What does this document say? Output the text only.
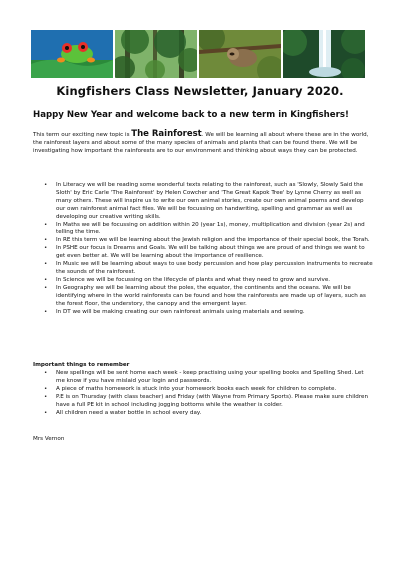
Kingfishers Class Newsletter, January 2020.
Happy New Year and welcome back to a new term in Kingfishers!
This term our exciting new topic is The Rainforest. We will be learning all about where these are in the world, the rainforest layers and about some of the many species of animals and plants that can be found there. We will be investigating how important the rainforests are to our environment and thinking about ways they can be protected.
• In Literacy we will be reading some wonderful texts relating to the rainforest, such as 'Slowly, Slowly Said the Sloth' by Eric Carle 'The Rainforest' by Helen Cowcher and 'The Great Kapok Tree' by Lynne Cherry as well as many others. These will inspire us to write our own animal stories, create our own animal poems and develop our own rainforest animal fact files. We will be focussing on handwriting, spelling and grammar as well as developing our creative writing skills.
• In Maths we will be focussing on addition within 20 (year 1s), money, multiplication and division (year 2s) and telling the time.
• In RE this term we will be learning about the Jewish religion and the importance of their special book, the Torah.
• In PSHE our focus is Dreams and Goals. We will be talking about things we are proud of and things we want to get even better at. We will be learning about the importance of resilience.
• In Music we will be learning about ways to use body percussion and how play percussion instruments to recreate the sounds of the rainforest.
• In Science we will be focussing on the lifecycle of plants and what they need to grow and survive.
• In Geography we will be learning about the poles, the equator, the continents and the oceans. We will be identifying where in the world rainforests can be found and how the rainforests are made up of layers, such as the forest floor, the understory, the canopy and the emergent layer.
• In DT we will be making creating our own rainforest animals using materials and sewing.
Important things to remember
• New spellings will be sent home each week - keep practising using your spelling books and Spelling Shed. Let me know if you have mislaid your login and passwords.
• A piece of maths homework is stuck into your homework books each week for children to complete.
• P.E is on Thursday (with class teacher) and Friday (with Wayne from Primary Sports). Please make sure children have a full PE kit in school including jogging bottoms while the weather is colder.
• All children need a water bottle in school every day.
Mrs Vernon
